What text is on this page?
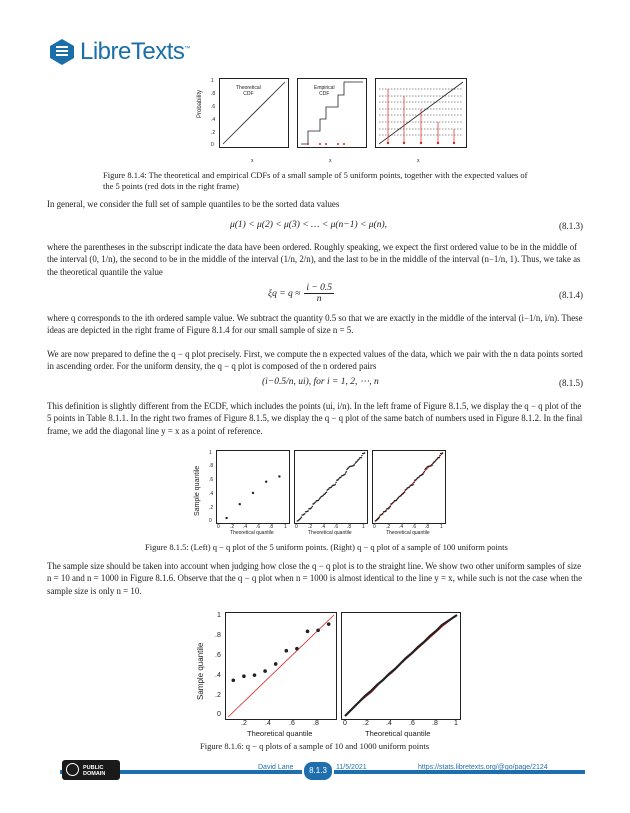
LibreTexts™
Probability
Theoretical
CDF
Empirical
CDF
1
.8
.6
.4
.2
0
x	x	x
Figure 8.1.4: The theoretical and empirical CDFs of a small sample of 5 uniform points, together with the expected values of the 5 points (red dots in the right frame)
In general, we consider the full set of sample quantiles to be the sorted data values
μ(1) < μ(2) < μ(3) < … < μ(n−1) < μ(n),	(8.1.3)
where the parentheses in the subscript indicate the data have been ordered. Roughly speaking, we expect the first ordered value to be in the middle of the interval (0, 1/n), the second to be in the middle of the interval (1/n, 2/n), and the last to be in the middle of the interval (n−1/n, 1). Thus, we take as the theoretical quantile the value
$\xi q = q \approx \frac{i - 0.5}{n}$	(8.1.4)
where q corresponds to the ith ordered sample value. We subtract the quantity 0.5 so that we are exactly in the middle of the interval (i−1/n, i/n). These ideas are depicted in the right frame of Figure 8.1.4 for our small sample of size n = 5.
We are now prepared to define the q − q plot precisely. First, we compute the n expected values of the data, which we pair with the n data points sorted in ascending order. For the uniform density, the q − q plot is composed of the n ordered pairs
(i−0.5/n, ui), for i = 1, 2, ⋯, n	(8.1.5)
This definition is slightly different from the ECDF, which includes the points (ui, i/n). In the left frame of Figure 8.1.5, we display the q − q plot of the 5 points in Table 8.1.1. In the right two frames of Figure 8.1.5, we display the q − q plot of the same batch of numbers used in Figure 8.1.2. In the final frame, we add the diagonal line y = x as a point of reference.
Sample quantile
1
.8
.6
.4
.2
0
0 .2 .4 .6 .8 1 0 .2 .4 .6 .8 1 0 .2 .4 .6 .8 1
Theoretical quantile	Theoretical quantile	Theoretical quantile
Figure 8.1.5: (Left) q − q plot of the 5 uniform points. (Right) q − q plot of a sample of 100 uniform points
The sample size should be taken into account when judging how close the q − q plot is to the straight line. We show two other uniform samples of size n = 10 and n = 1000 in Figure 8.1.6. Observe that the q − q plot when n = 1000 is almost identical to the line y = x, while such is not the case when the sample size is only n = 10.
Sample quantile
1
.8
.6
.4
.2
0
.2	.4	.6	.8	0 .2 .4 .6 .8 1
Theoretical quantile	Theoretical quantile
Figure 8.1.6: q − q plots of a sample of 10 and 1000 uniform points
PUBLIC DOMAIN
David Lane	8.1.3	11/5/2021	https://stats.libretexts.org/@go/page/2124
